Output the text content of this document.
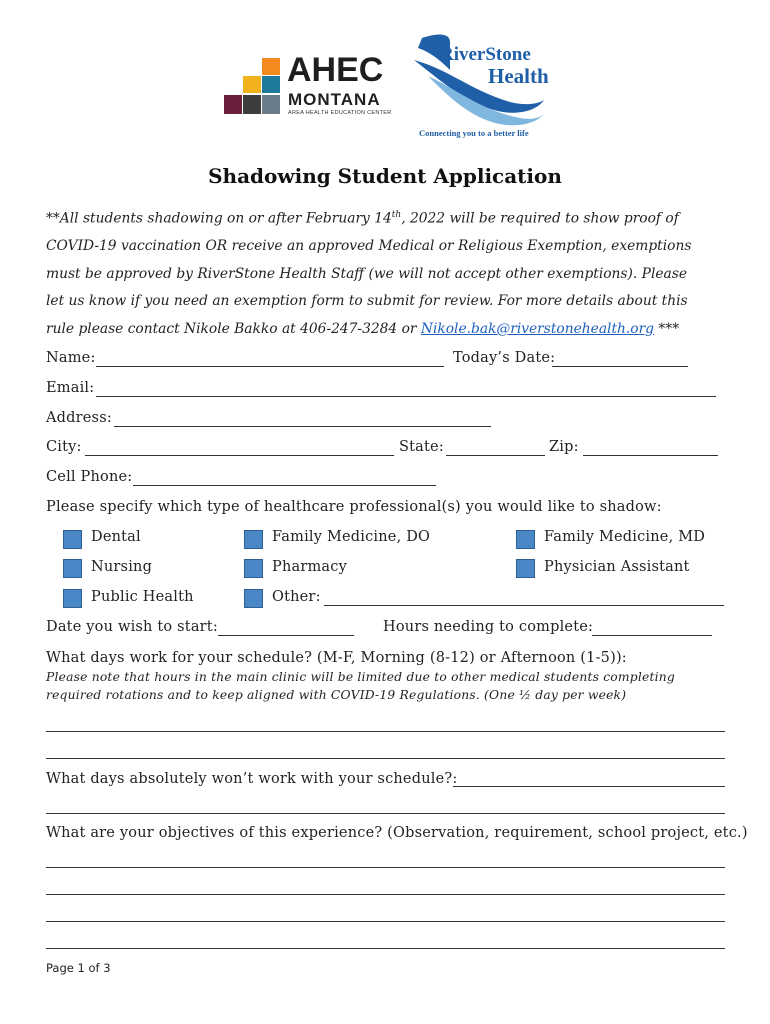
AHEC
MONTANA
AREA HEALTH EDUCATION CENTER
RiverStone
Health
Connecting you to a better life
Shadowing Student Application
**All students shadowing on or after February 14th, 2022 will be required to show proof of
COVID-19 vaccination OR receive an approved Medical or Religious Exemption, exemptions
must be approved by RiverStone Health Staff (we will not accept other exemptions). Please
let us know if you need an exemption form to submit for review. For more details about this
rule please contact Nikole Bakko at 406-247-3284 or Nikole.bak@riverstonehealth.org ***
Name:	Today’s Date:
Email:
Address:
City:	State:	Zip:
Cell Phone:
Please specify which type of healthcare professional(s) you would like to shadow:
Dental	Family Medicine, DO	Family Medicine, MD
Nursing	Pharmacy	Physician Assistant
Public Health	Other:
Date you wish to start:	Hours needing to complete:
What days work for your schedule? (M-F, Morning (8-12) or Afternoon (1-5)):
Please note that hours in the main clinic will be limited due to other medical students completing
required rotations and to keep aligned with COVID-19 Regulations. (One ½ day per week)
What days absolutely won’t work with your schedule?:
What are your objectives of this experience? (Observation, requirement, school project, etc.)
Page 1 of 3
